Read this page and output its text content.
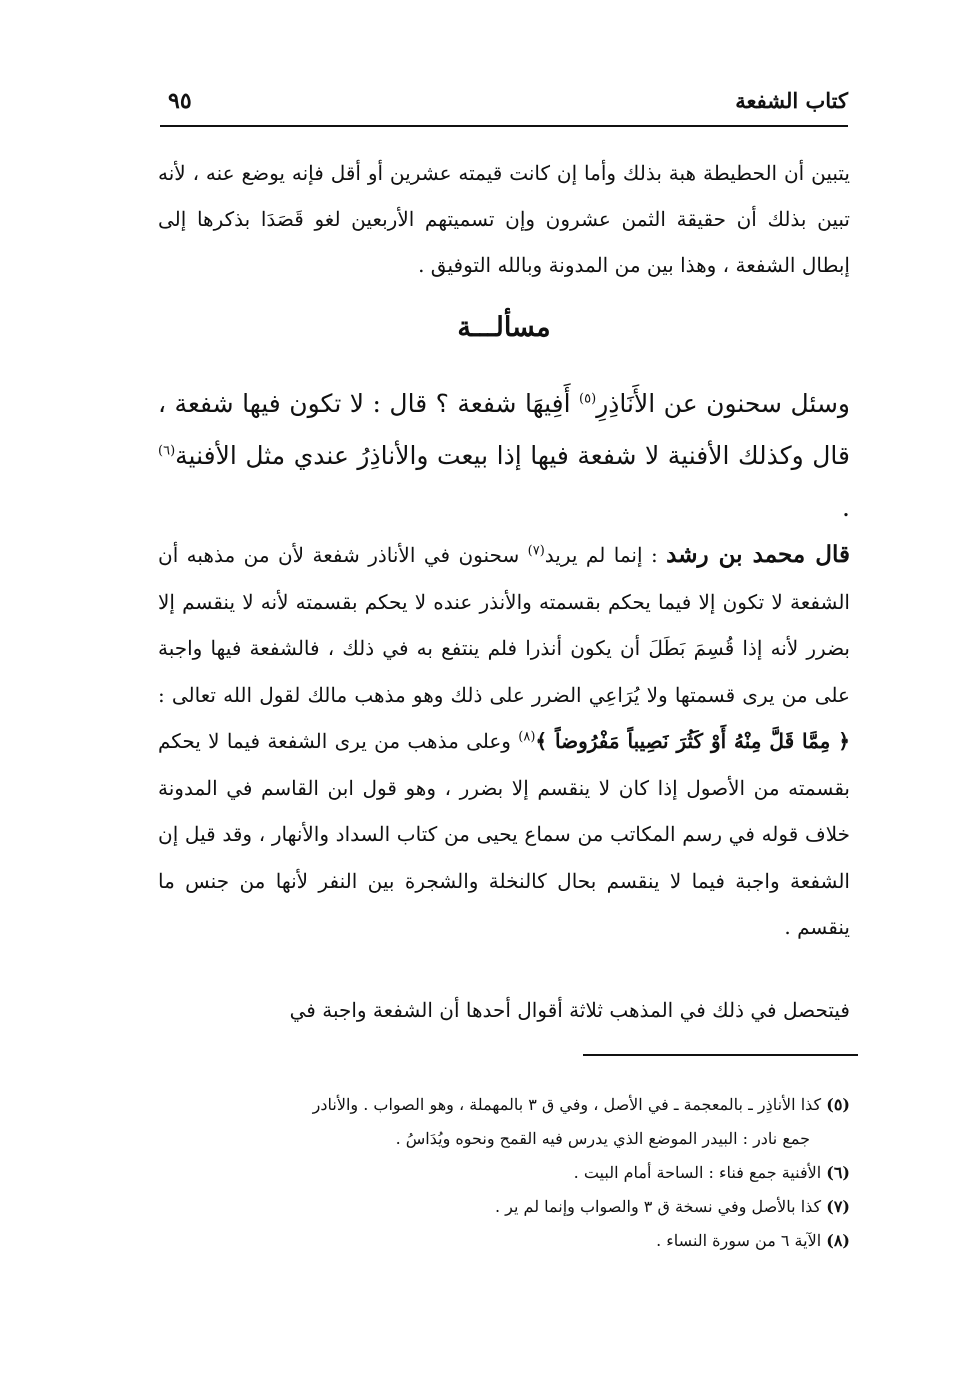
كتاب الشفعة
٩٥

يتبين أن الحطيطة هبة بذلك وأما إن كانت قيمته عشرين أو أقل فإنه يوضع عنه ، لأنه تبين بذلك أن حقيقة الثمن عشرون وإن تسميتهم الأربعين لغو قَصَدَا بذكرها إلى إبطال الشفعة ، وهذا بين من المدونة وبالله التوفيق .

مسألـــة

وسئل سحنون عن الأَنَاذِرِ$^{(٥)}$ أَفِيهَا شفعة ؟ قال : لا تكون فيها شفعة ، قال وكذلك الأفنية لا شفعة فيها إذا بيعت والأناذِرُ عندي مثل الأفنية$^{(٦)}$ .

قال محمد بن رشد : إنما لم يريد$^{(٧)}$ سحنون في الأناذر شفعة لأن من مذهبه أن الشفعة لا تكون إلا فيما يحكم بقسمته والأنذر عنده لا يحكم بقسمته لأنه لا ينقسم إلا بضرر لأنه إذا قُسِمَ بَطَلَ أن يكون أنذرا فلم ينتفع به في ذلك ، فالشفعة فيها واجبة على من يرى قسمتها ولا يُرَاعِي الضرر على ذلك وهو مذهب مالك لقول الله تعالى : ﴿ مِمَّا قَلَّ مِنْهُ أَوْ كَثُرَ نَصِيباً مَفْرُوضاً ﴾$^{(٨)}$ وعلى مذهب من يرى الشفعة فيما لا يحكم بقسمته من الأصول إذا كان لا ينقسم إلا بضرر ، وهو قول ابن القاسم في المدونة خلاف قوله في رسم المكاتب من سماع يحيى من كتاب السداد والأنهار ، وقد قيل إن الشفعة واجبة فيما لا ينقسم بحال كالنخلة والشجرة بين النفر لأنها من جنس ما ينقسم .

فيتحصل في ذلك في المذهب ثلاثة أقوال أحدها أن الشفعة واجبة في

(٥) كذا الأناذِر ـ بالمعجمة ـ في الأصل ، وفي ق ٣ بالمهملة ، وهو الصواب . والأنادر

جمع نادر : البيدر الموضع الذي يدرس فيه القمح ونحوه ويُدَاسُ .

(٦) الأفنية جمع فناء : الساحة أمام البيت .

(٧) كذا بالأصل وفي نسخة ق ٣ والصواب وإنما لم ير .

(٨) الآية ٦ من سورة النساء .
